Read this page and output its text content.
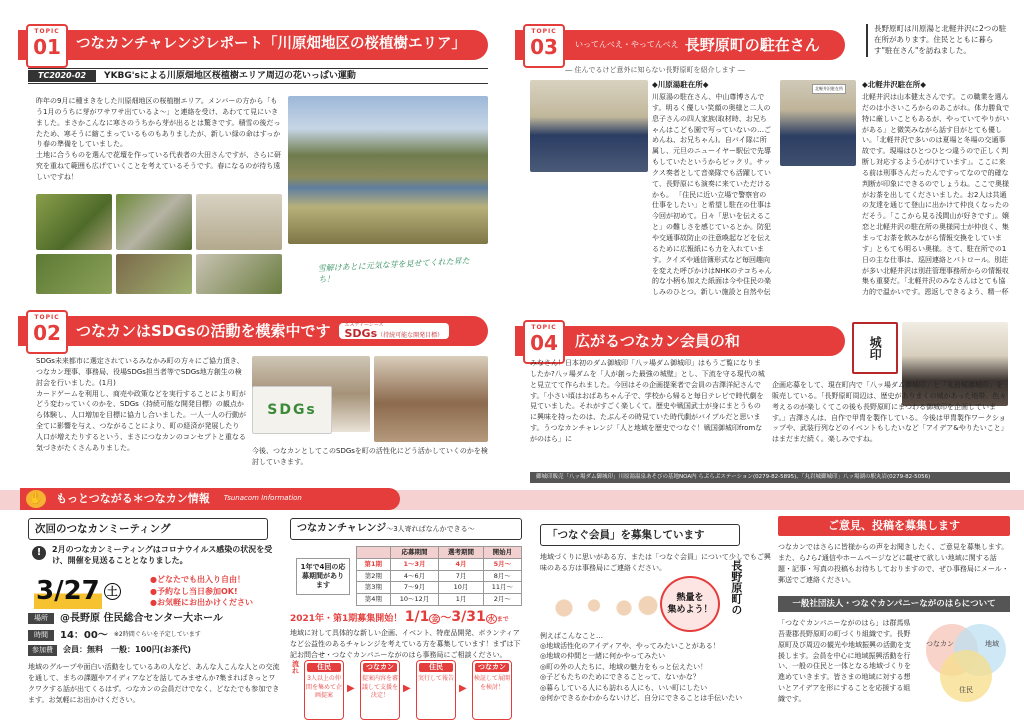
つなカンチャレンジレポート「川原畑地区の桜植樹エリア」
TOPIC
01
TC2020-02	YKBG'sによる川原畑地区桜植樹エリア周辺の花いっぱい運動
昨年の9月に種まきをした川原畑地区の桜植樹エリア。メンバーの方から「もう1月のうちに芽がワサワサ出ているよ～」と連絡を受け、あわてて見にいきました。まさかこんなに寒さのうちから芽が出るとは驚きです。積雪の後だったため、寒そうに縮こまっているものもありましたが、新しい緑の命はすっかり春の準備をしていました。
土地に合うものを選んで花壇を作っている代表者の大田さんですが、さらに研究を重ねて範囲も広げていくことを考えているそうです。春になるのが待ち遠しいですね！
雪解けあとに元気な芽を見せてくれた昇たち！
いってんべえ・やってんべえ 長野原町の駐在さん
TOPIC
03
長野原町は川原湯と北軽井沢に2つの駐在所があります。住民とともに暮らす"駐在さん"を訪ねました。
― 住んでるけど意外に知らない長野原町を紹介します ―
◆川原湯駐在所◆
川原湯の駐在さん、中山尊博さんです。明るく優しい笑顔の奥様と二人の息子さんの四人家族(取材時、お兄ちゃんはこども園で写っていないの…ごめんね、お兄ちゃん)。自バイ隊に所属し、元旦のニューイヤー駅伝で先導もしていたというからビックリ。サックス奏者として音楽隊でも活躍していて、長野原にも演奏に来ていただけるかも。 「住民に近い立場で警察官の仕事をしたい」と希望し駐在の仕事は今回が初めて。日々「思いを伝えること」の難しさを感じているとか。防犯や交通事故防止の注意喚起などを伝えるために広報紙にも力を入れています。クイズや通信簿形式など毎回趣向を変えた呼びかけはNHKのテコちゃん的な小柄も加えた紙面は今や住民の楽しみのひとつ。新しい施設と自然や伝
北軽井沢駐在所	◆北軽井沢駐在所◆
北軽井沢は山本健太さんです。この職業を選んだのは小さいころからのあこがれ。体力勝負で特に厳しいこともあるが、やっていてやりがいがある」と微笑みながら話す目がとても優しい。「北軽井沢で多いのは夏場と冬場の交通事故です。現場はひとつひとつ違うので正しく判断し対応するよう心がけています」。ここに来る前は刑事さんだったんですってなので的確な判断が印象にできるのでしょうね。ここで奥様がお茶を出してくださいました。お2人は共通の友達を通じて登山に出かけて仲良くなったのだそう。「ここから見る浅間山が好きです」。嬢恋と北軽井沢の駐在所の奥様同士が仲良く、集まってお茶を飲みながら情報交換をしています」ともても明るい奥様。さて、駐在所での1日の主な仕事は、巡回連絡とパトロール。別荘が多い北軽井沢は別荘管理事務所からの情報収集も重要だ。「北軽井沢のみなさんはとても協力的で温かいです。恩返しできるよう、精一杯
つなカンはSDGsの活動を模索中です	エスディージーズ
SDGs（持続可能な開発目標）
TOPIC
02
SDGs未来都市に選定されているみなかみ町の方々にご協力頂き、つなカン理事、事務局、役場SDGs担当者等でSDGs地方創生の検討会を行いました。(1月)
カードゲームを利用し、商売や政策などを実行することにより町がどう変わっていくのかを、SDGs（持続可能な開発目標）の観点から体験し、人口増加を目標に協力し合いました。一人一人の行動が全てに影響を与え、つながることにより、町の経済が発展したり人口が増えたりするという、まさにつなカンのコンセプトと重なる気づきがたくさんありました。
SDGs
今後、つなカンとしてこのSDGsを町の活性化にどう活かしていくのかを検討していきます。
広がるつなカン会員の和
TOPIC
04	城印
みなさん！日本初のダム御城印「八ッ場ダム御城印」はもうご覧になりましたか?八ッ場ダムを「人が創った最強の城壁」とし、下流を守る現代の城と見立てて作られました。今回はその企画提案者で会員の吉澤洋紀さんです。「小さい頃はおばあちゃん子で、学校から帰ると毎日テレビで時代劇を見ていました。それがすごく楽しくて。歴史や戦国武士が身にまとうものに興味を持ったのは、たぶんその時見ていた時代劇がバイブルだと思います。うつなカンチャレンジ「人と地域を歴史でつなぐ！戦国御城印fromながのはら」に
企画応募をして、現在町内で「八ッ場ダム御城印」と「丸岩城御城印」を販売している。「長野原町周辺は、歴史がありまくの城があった地帯。色々考えるのが楽しくてこの後も長野原町にまつわる御城印を企画しています。」吉澤さんは、自作で甲冑を製作している。今後は甲冑製作ワークショップや、武装行列などのイベントもしたいなど「アイデア&やりたいこと」はまだまだ続く。楽しみですね。
御城印販売「八ッ場ダム御城印」川原湯温泉あそびの基地NOA内 らぷらぷステーション(0279-82-5895)、「丸岩城御城印」八ッ場湖の駅丸岩(0279-82-5056)
✋ もっとつながる＊つなカン情報 Tsunacom Information
次回のつなカンミーティング
!	2月のつなカンミーティングはコロナウイルス感染の状況を受け、開催を見送ることとなりました。
3/27 土
●どなたでも出入り自由！
●予約なし当日参加OK!
●お気軽にお出かけください
場所	@長野原 住民総合センター大ホール
時間	14：00～ ※2時間ぐらいを予定しています
参加費	会員：無料　一般：100円(お茶代)
地域のグループや面白い活動をしているあの人など、あんな人こんな人との交流を通して、まちの課題やアイディアなどを話してみませんか?集まればきっとワクワクする話が出てくるはず。つなカンの会員だけでなく、どなたでも参加できます。お気軽にお出かけください。
つなカンチャレンジ～3人寄ればなんかできる～
1年で4回の応募期間があります
	応募期間	選考期間	開始月
第1期	1～3月	4月	5月～
第2期	4～6月	7月	8月～
第3期	7～9月	10月	11月～
第4期	10～12月	1月	2月～
2021年・第1期募集開始！ 1/1 金 ～3/31 水 まで
地域に対して具体的な新しい企画、イベント、特産品開発、ボランティアなど公益性のあるチャレンジを考えている方を募集しています！まずは下記お問合せ・つなぐカンパニーながのはら事務局にご相談ください。
流れ	住民
3人以上の仲間を集めて企画提案
つなカン
提案内容を審議して支援を決定！
住民
実行して報告
つなカン
検証して展開を検討！
▶	▶	▶
「つなぐ会員」を募集しています
地域づくりに思いがある方、または「つなぐ会員」について少しでもご興味のある方は事務局にご連絡ください。
熱量を
集めよう！ 長野原町の
例えばこんなこと…
◎地域活性化のアイディアや、やってみたいことがある！
◎地域の仲間と一緒に何かやってみたい
◎町の外の人たちに、地域の魅力をもっと伝えたい！
◎子どもたちのためにできることって、ないかな？
◎暮らしている人にも訪れる人にも、いい町にしたい
◎何かできるかわからないけど、自分にできることは手伝いたい
ご意見、投稿を募集します
つなカンではさらに皆様からの声をお聞きしたく、ご意見を募集します。また、ら♪ら♪通信やホームページなどに載せて欲しい地域に関する話題・記事・写真の投稿もお待ちしておりますので、ぜひ事務局にメール・郵送でご連絡ください。
一般社団法人・つなぐカンパニーながのはらについて
「つなぐカンパニーながのはら」は群馬県吾妻郡長野原町の町づくり組織です。長野原町及び周辺の観光や地域振興の活動を支援します。会員を中心に地域振興活動を行い、一般の住民と一体となる地域づくりを進めていきます。皆さまの地域に対する想いとアイデアを形にすることを応援する組織です。
つなカン	地域
住民
